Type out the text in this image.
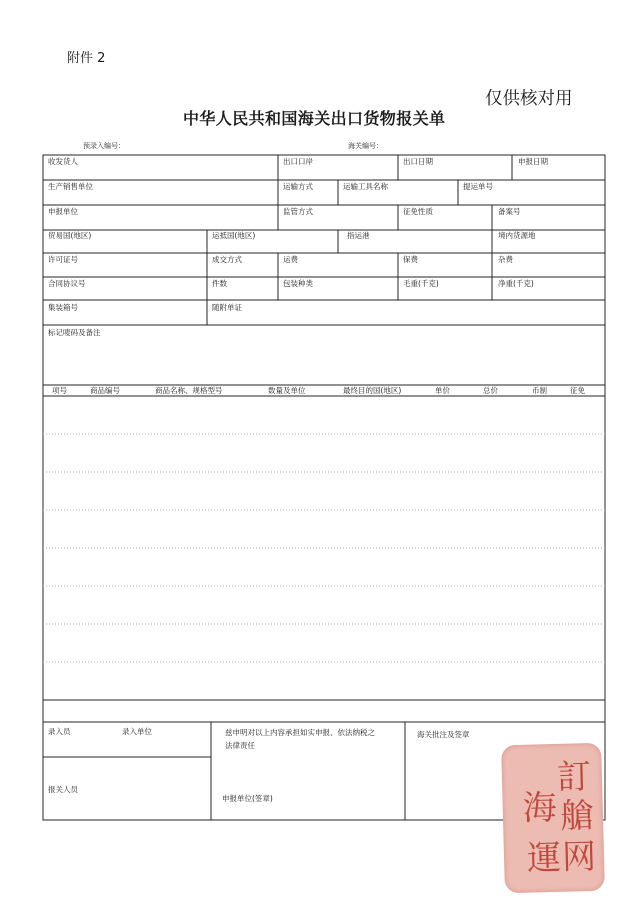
附件 2
仅供核对用
中华人民共和国海关出口货物报关单
预录入编号：	海关编号：
收发货人	出口口岸	出口日期	申报日期
生产销售单位	运输方式	运输工具名称	提运单号
申报单位	监管方式	征免性质	备案号
贸易国(地区)	运抵国(地区)	指运港	境内货源地
许可证号	成交方式	运费	保费	杂费
合同协议号	件数	包装种类	毛重(千克)	净重(千克)
集装箱号	随附单证
标记唛码及备注
项号	商品编号	商品名称、规格型号	数量及单位	最终目的国(地区)	单价	总价	币制	征免
录入员	录入单位	兹申明对以上内容承担如实申报、依法纳税之法律责任
海关批注及签章
报关人员
申报单位(签章)
訂
艙
网
海
運
